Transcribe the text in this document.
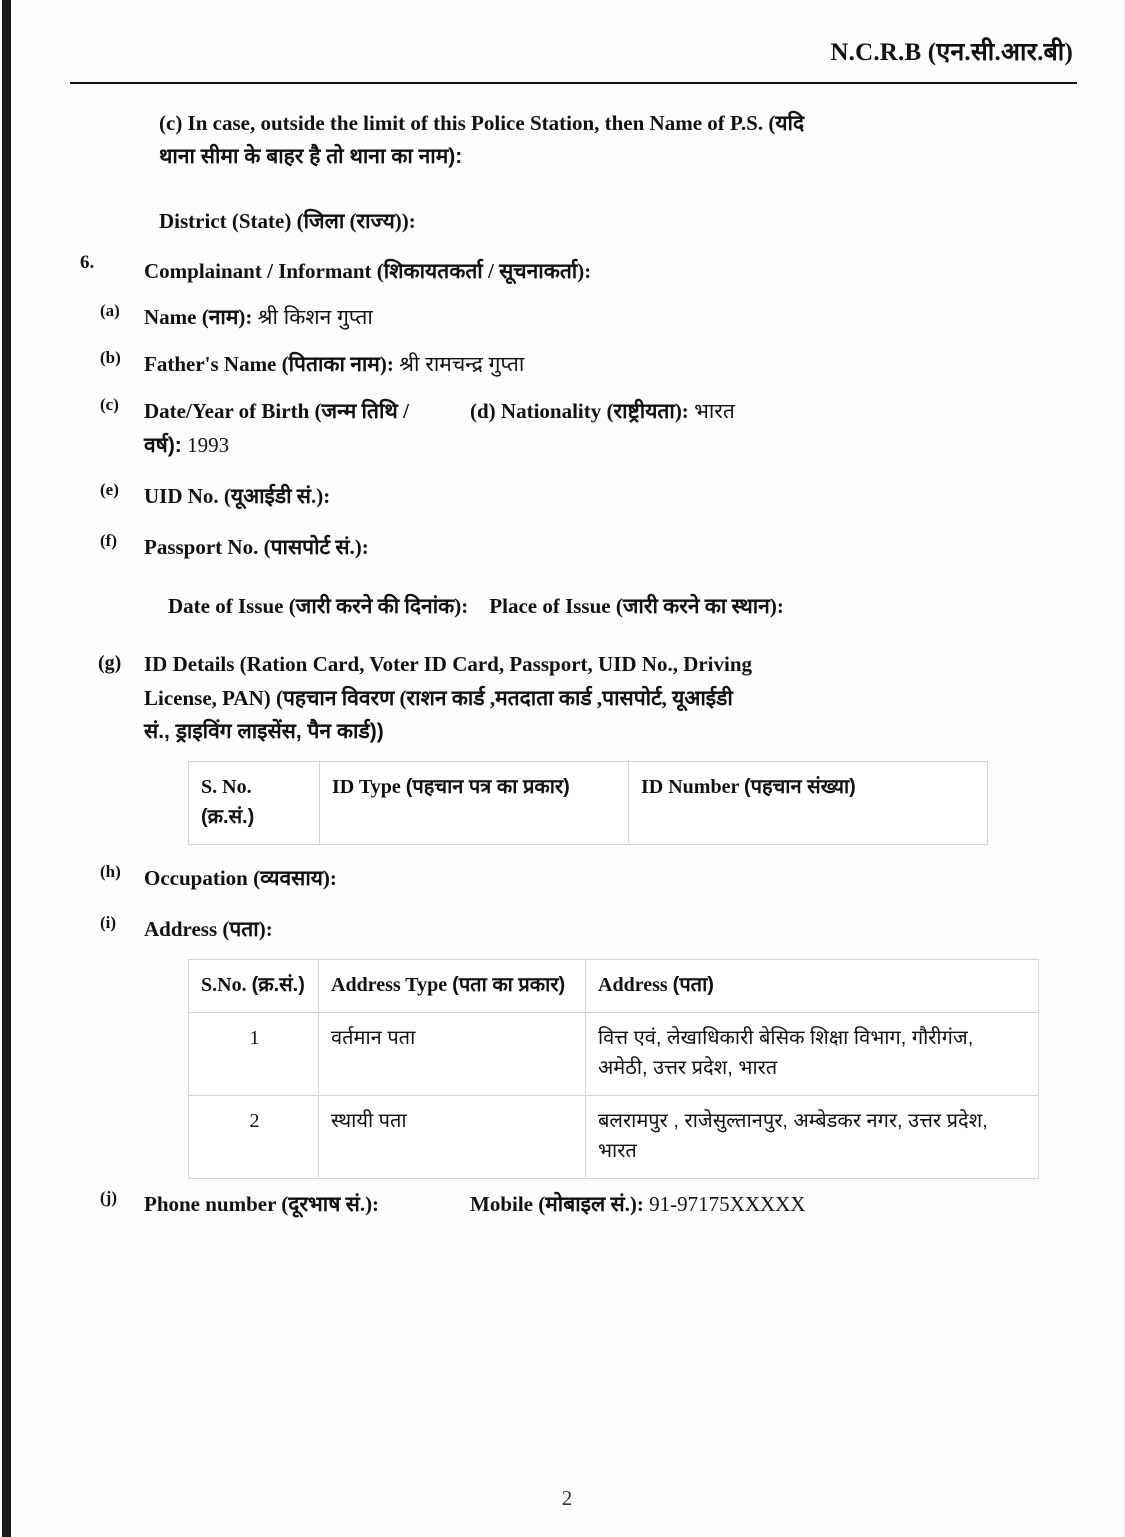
N.C.R.B (एन.सी.आर.बी)
(c) In case, outside the limit of this Police Station, then Name of P.S. (यदि
थाना सीमा के बाहर है तो थाना का नाम):
District (State) (जिला (राज्य)):
6. Complainant / Informant (शिकायतकर्ता / सूचनाकर्ता):
(a) Name (नाम): श्री किशन गुप्ता
(b) Father's Name (पिताका नाम): श्री रामचन्द्र गुप्ता
(c) Date/Year of Birth (जन्म तिथि /	(d) Nationality (राष्ट्रीयता): भारत
वर्ष): 1993
(e) UID No. (यूआईडी सं.):
(f) Passport No. (पासपोर्ट सं.):
Date of Issue (जारी करने की दिनांक): Place of Issue (जारी करने का स्थान):
(g) ID Details (Ration Card, Voter ID Card, Passport, UID No., Driving
License, PAN) (पहचान विवरण (राशन कार्ड ,मतदाता कार्ड ,पासपोर्ट, यूआईडी
सं., ड्राइविंग लाइसेंस, पैन कार्ड))
S. No. (क्र.सं.)	ID Type (पहचान पत्र का प्रकार)	ID Number (पहचान संख्या)
(h) Occupation (व्यवसाय):
(i) Address (पता):
S.No. (क्र.सं.)	Address Type (पता का प्रकार)	Address (पता)
1	वर्तमान पता	वित्त एवं, लेखाधिकारी बेसिक शिक्षा विभाग, गौरीगंज, अमेठी, उत्तर प्रदेश, भारत
2	स्थायी पता	बलरामपुर , राजेसुल्तानपुर, अम्बेडकर नगर, उत्तर प्रदेश, भारत
(j) Phone number (दूरभाष सं.):	Mobile (मोबाइल सं.): 91-97175XXXXX
2
